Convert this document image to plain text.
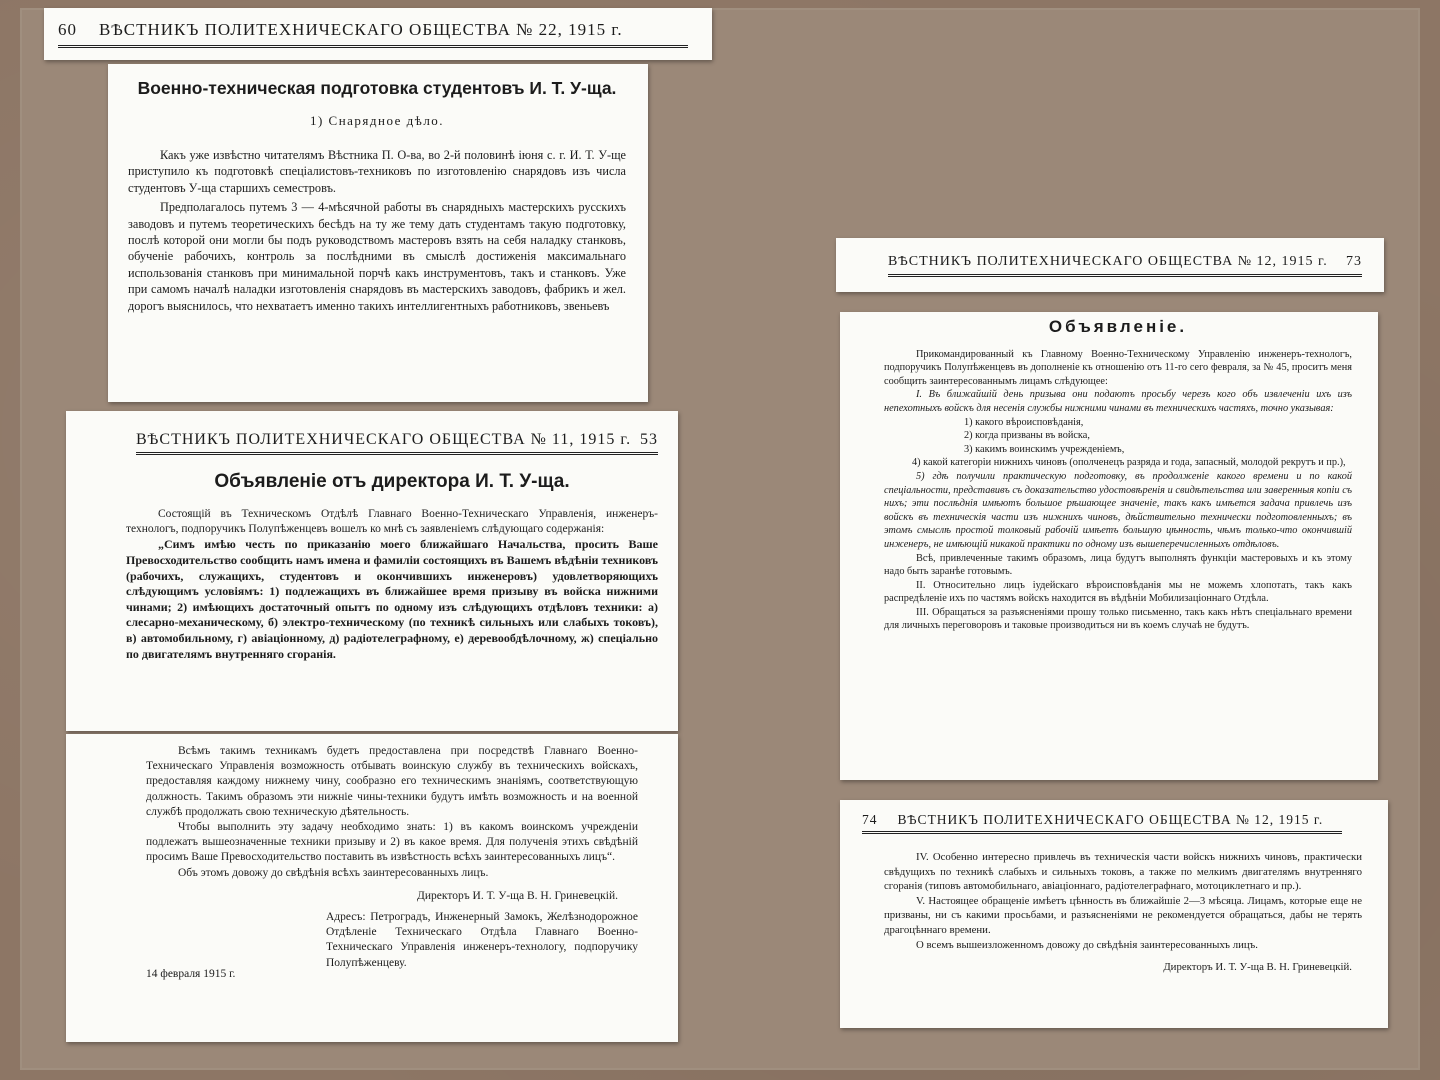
60 ВѢСТНИКЪ ПОЛИТЕХНИЧЕСКАГО ОБЩЕСТВА № 22, 1915 г.
Военно-техническая подготовка студентовъ И. Т. У-ща.
1) Снарядное дѣло.

Какъ уже извѣстно читателямъ Вѣстника П. О-ва, во 2-й половинѣ іюня с. г. И. Т. У-ще приступило къ подготовкѣ спеціалистовъ-техниковъ по изготовленію снарядовъ изъ числа студентовъ У-ща старшихъ семестровъ.

Предполагалось путемъ 3 — 4-мѣсячной работы въ снарядныхъ мастерскихъ русскихъ заводовъ и путемъ теоретическихъ бесѣдъ на ту же тему дать студентамъ такую подготовку, послѣ которой они могли бы подъ руководствомъ мастеровъ взять на себя наладку станковъ, обученіе рабочихъ, контроль за послѣдними въ смыслѣ достиженія максимальнаго использованія станковъ при минимальной порчѣ какъ инструментовъ, такъ и станковъ. Уже при самомъ началѣ наладки изготовленія снарядовъ въ мастерскихъ заводовъ, фабрикъ и жел. дорогъ выяснилось, что нехватаетъ именно такихъ интеллигентныхъ работниковъ, звеньевъ

ВѢСТНИКЪ ПОЛИТЕХНИЧЕСКАГО ОБЩЕСТВА № 11, 1915 г. 53
Объявленіе отъ директора И. Т. У-ща.

Состоящій въ Техническомъ Отдѣлѣ Главнаго Военно-Техническаго Управленія, инженеръ-технологъ, подпоручикъ Полупѣженцевъ вошелъ ко мнѣ съ заявленіемъ слѣдующаго содержанія:

„Симъ имѣю честь по приказанію моего ближайшаго Начальства, просить Ваше Превосходительство сообщить намъ имена и фамиліи состоящихъ въ Вашемъ вѣдѣніи техниковъ (рабочихъ, служащихъ, студентовъ и окончившихъ инженеровъ) удовлетворяющихъ слѣдующимъ условіямъ: 1) подлежащихъ въ ближайшее время призыву въ войска нижними чинами; 2) имѣющихъ достаточный опытъ по одному изъ слѣдующихъ отдѣловъ техники: а) слесарно-механическому, б) электро-техническому (по техникѣ сильныхъ или слабыхъ токовъ), в) автомобильному, г) авіаціонному, д) радіотелеграфному, е) деревообдѣлочному, ж) спеціально по двигателямъ внутренняго сгоранія.

Всѣмъ такимъ техникамъ будетъ предоставлена при посредствѣ Главнаго Военно-Техническаго Управленія возможность отбывать воинскую службу въ техническихъ войскахъ, предоставляя каждому нижнему чину, сообразно его техническимъ знаніямъ, соответствующую должность. Такимъ образомъ эти нижніе чины-техники будутъ имѣть возможность и на военной службѣ продолжать свою техническую дѣятельность.

Чтобы выполнить эту задачу необходимо знать: 1) въ какомъ воинскомъ учрежденіи подлежатъ вышеозначенные техники призыву и 2) въ какое время. Для полученія этихъ свѣдѣній просимъ Ваше Превосходительство поставить въ извѣстность всѣхъ заинтересованныхъ лицъ“.

Объ этомъ довожу до свѣдѣнія всѣхъ заинтересованныхъ лицъ.

Директоръ И. Т. У-ща В. Н. Гриневецкій.
Адресъ: Петроградъ, Инженерный Замокъ, Желѣзнодорожное Отдѣленіе Техническаго Отдѣла Главнаго Военно-Техническаго Управленія инженеръ-технологу, подпоручику Полупѣженцеву.
14 февраля 1915 г.
ВѢСТНИКЪ ПОЛИТЕХНИЧЕСКАГО ОБЩЕСТВА № 12, 1915 г. 73
Объявленіе.

Прикомандированный къ Главному Военно-Техническому Управленію инженеръ-технологъ, подпоручикъ Полупѣженцевъ въ дополненіе къ отношенію отъ 11-го сего февраля, за № 45, проситъ меня сообщить заинтересованнымъ лицамъ слѣдующее:

I. Въ ближайшій день призыва они подаютъ просьбу черезъ кого объ извлеченіи ихъ изъ непехотныхъ войскъ для несенія службы нижними чинами въ техническихъ частяхъ, точно указывая:

1) какого вѣроисповѣданія,
2) когда призваны въ войска,
3) какимъ воинскимъ учрежденіемъ,
4) какой категоріи нижнихъ чиновъ (ополченецъ разряда и года, запасный, молодой рекрутъ и пр.),

5) гдѣ получили практическую подготовку, въ продолженіе какого времени и по какой спеціальности, представивъ съ доказательство удостовѣренія и свидѣтельства или заверенныя копіи съ нихъ; эти послѣднія имѣютъ большое рѣшающее значеніе, такъ какъ имѣется задача привлечь изъ войскъ въ техническія части изъ нижнихъ чиновъ, дѣйствительно технически подготовленныхъ; въ этомъ смыслѣ простой толковый рабочій имѣетъ большую цѣнность, чѣмъ только-что окончившій инженеръ, не имѣющій никакой практики по одному изъ вышеперечисленныхъ отдѣловъ.

Всѣ, привлеченные такимъ образомъ, лица будутъ выполнять функціи мастеровыхъ и къ этому надо быть заранѣе готовымъ.

II. Относительно лицъ іудейскаго вѣроисповѣданія мы не можемъ хлопотать, такъ какъ распредѣленіе ихъ по частямъ войскъ находится въ вѣдѣніи Мобилизаціоннаго Отдѣла.

III. Обращаться за разъясненіями прошу только письменно, такъ какъ нѣтъ спеціальнаго времени для личныхъ переговоровъ и таковые производиться ни въ коемъ случаѣ не будутъ.

74 ВѢСТНИКЪ ПОЛИТЕХНИЧЕСКАГО ОБЩЕСТВА № 12, 1915 г.

IV. Особенно интересно привлечь въ техническія части войскъ нижнихъ чиновъ, практически свѣдущихъ по техникѣ слабыхъ и сильныхъ токовъ, а также по мелкимъ двигателямъ внутренняго сгоранія (типовъ автомобильнаго, авіаціоннаго, радіотелеграфнаго, мотоциклетнаго и пр.).

V. Настоящее обращеніе имѣетъ цѣнность въ ближайшіе 2—3 мѣсяца. Лицамъ, которые еще не призваны, ни съ какими просьбами, и разъясненіями не рекомендуется обращаться, дабы не терять драгоцѣннаго времени.

О всемъ вышеизложенномъ довожу до свѣдѣнія заинтересованныхъ лицъ.

Директоръ И. Т. У-ща В. Н. Гриневецкій.
